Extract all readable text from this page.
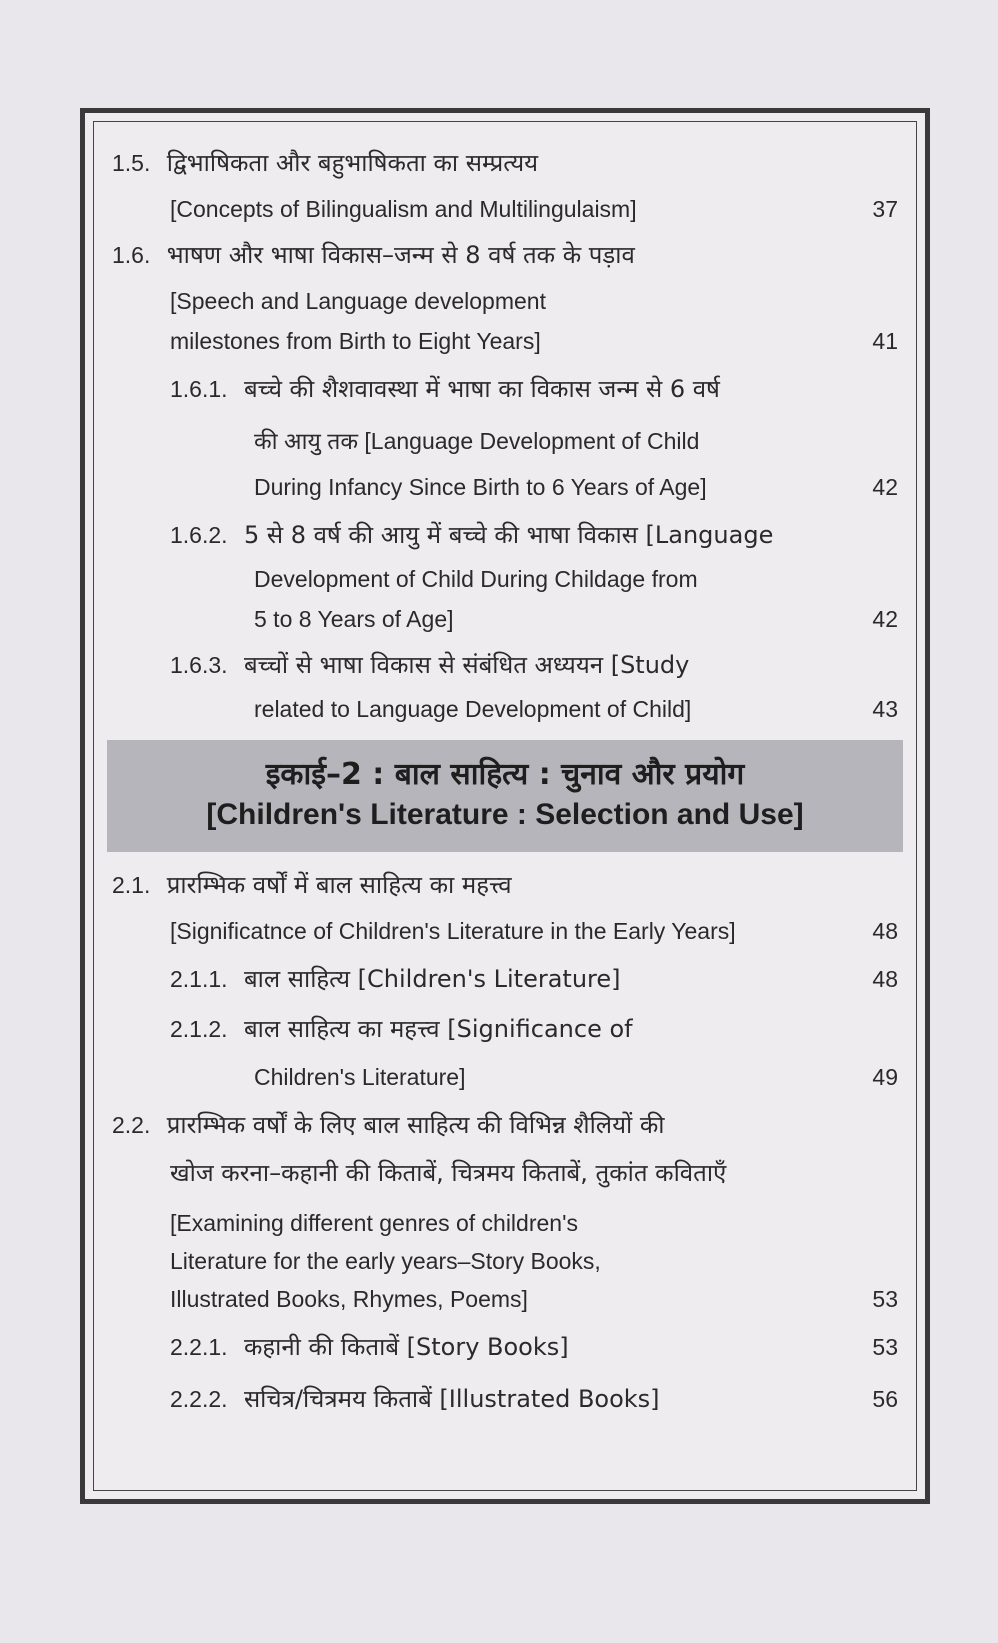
1.5. द्विभाषिकता और बहुभाषिकता का सम्प्रत्यय
[Concepts of Bilingualism and Multilingulaism]	37
1.6. भाषण और भाषा विकास–जन्म से 8 वर्ष तक के पड़ाव
[Speech and Language development
milestones from Birth to Eight Years]	41
1.6.1. बच्चे की शैशवावस्था में भाषा का विकास जन्म से 6 वर्ष
की आयु तक [Language Development of Child
During Infancy Since Birth to 6 Years of Age]	42
1.6.2. 5 से 8 वर्ष की आयु में बच्चे की भाषा विकास [Language
Development of Child During Childage from
5 to 8 Years of Age]	42
1.6.3. बच्चों से भाषा विकास से संबंधित अध्ययन [Study
related to Language Development of Child]	43
इकाई–2 : बाल साहित्य : चुनाव और प्रयोग
[Children's Literature : Selection and Use]
2.1. प्रारम्भिक वर्षों में बाल साहित्य का महत्त्व
[Significatnce of Children's Literature in the Early Years]	48
2.1.1. बाल साहित्य [Children's Literature]	48
2.1.2. बाल साहित्य का महत्त्व [Significance of
Children's Literature]	49
2.2. प्रारम्भिक वर्षों के लिए बाल साहित्य की विभिन्न शैलियों की
खोज करना–कहानी की किताबें, चित्रमय किताबें, तुकांत कविताएँ
[Examining different genres of children's
Literature for the early years–Story Books,
Illustrated Books, Rhymes, Poems]	53
2.2.1. कहानी की किताबें [Story Books]	53
2.2.2. सचित्र/चित्रमय किताबें [Illustrated Books]	56
